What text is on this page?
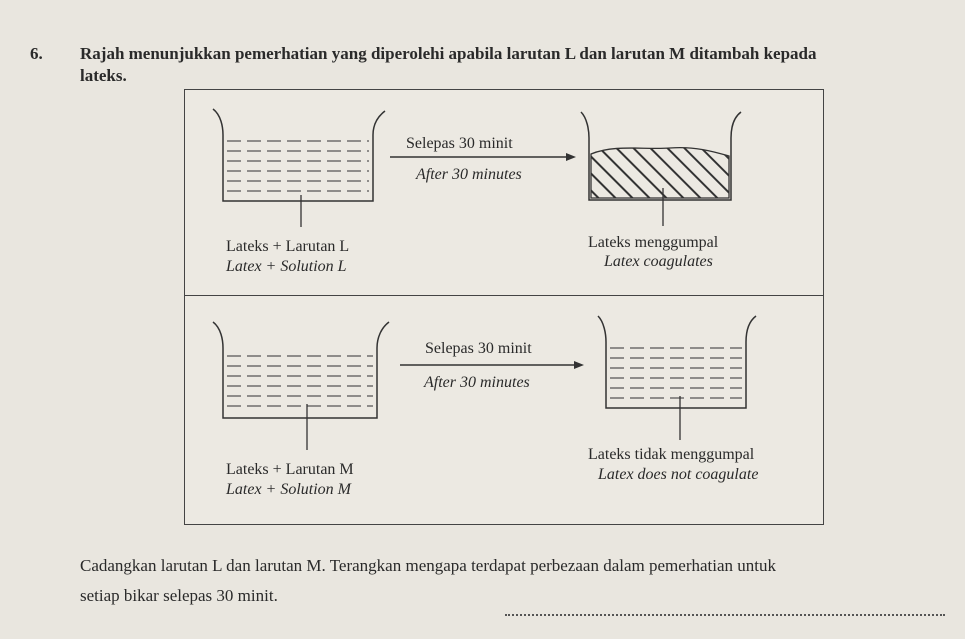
6. Rajah menunjukkan pemerhatian yang diperolehi apabila larutan L dan larutan M ditambah kepada
lateks.
Selepas 30 minit
After 30 minutes
Lateks + Larutan L
Latex + Solution L
Lateks menggumpal
Latex coagulates
Selepas 30 minit
After 30 minutes
Lateks + Larutan M
Latex + Solution M
Lateks tidak menggumpal
Latex does not coagulate
Cadangkan larutan L dan larutan M. Terangkan mengapa terdapat perbezaan dalam pemerhatian untuk
setiap bikar selepas 30 minit.
